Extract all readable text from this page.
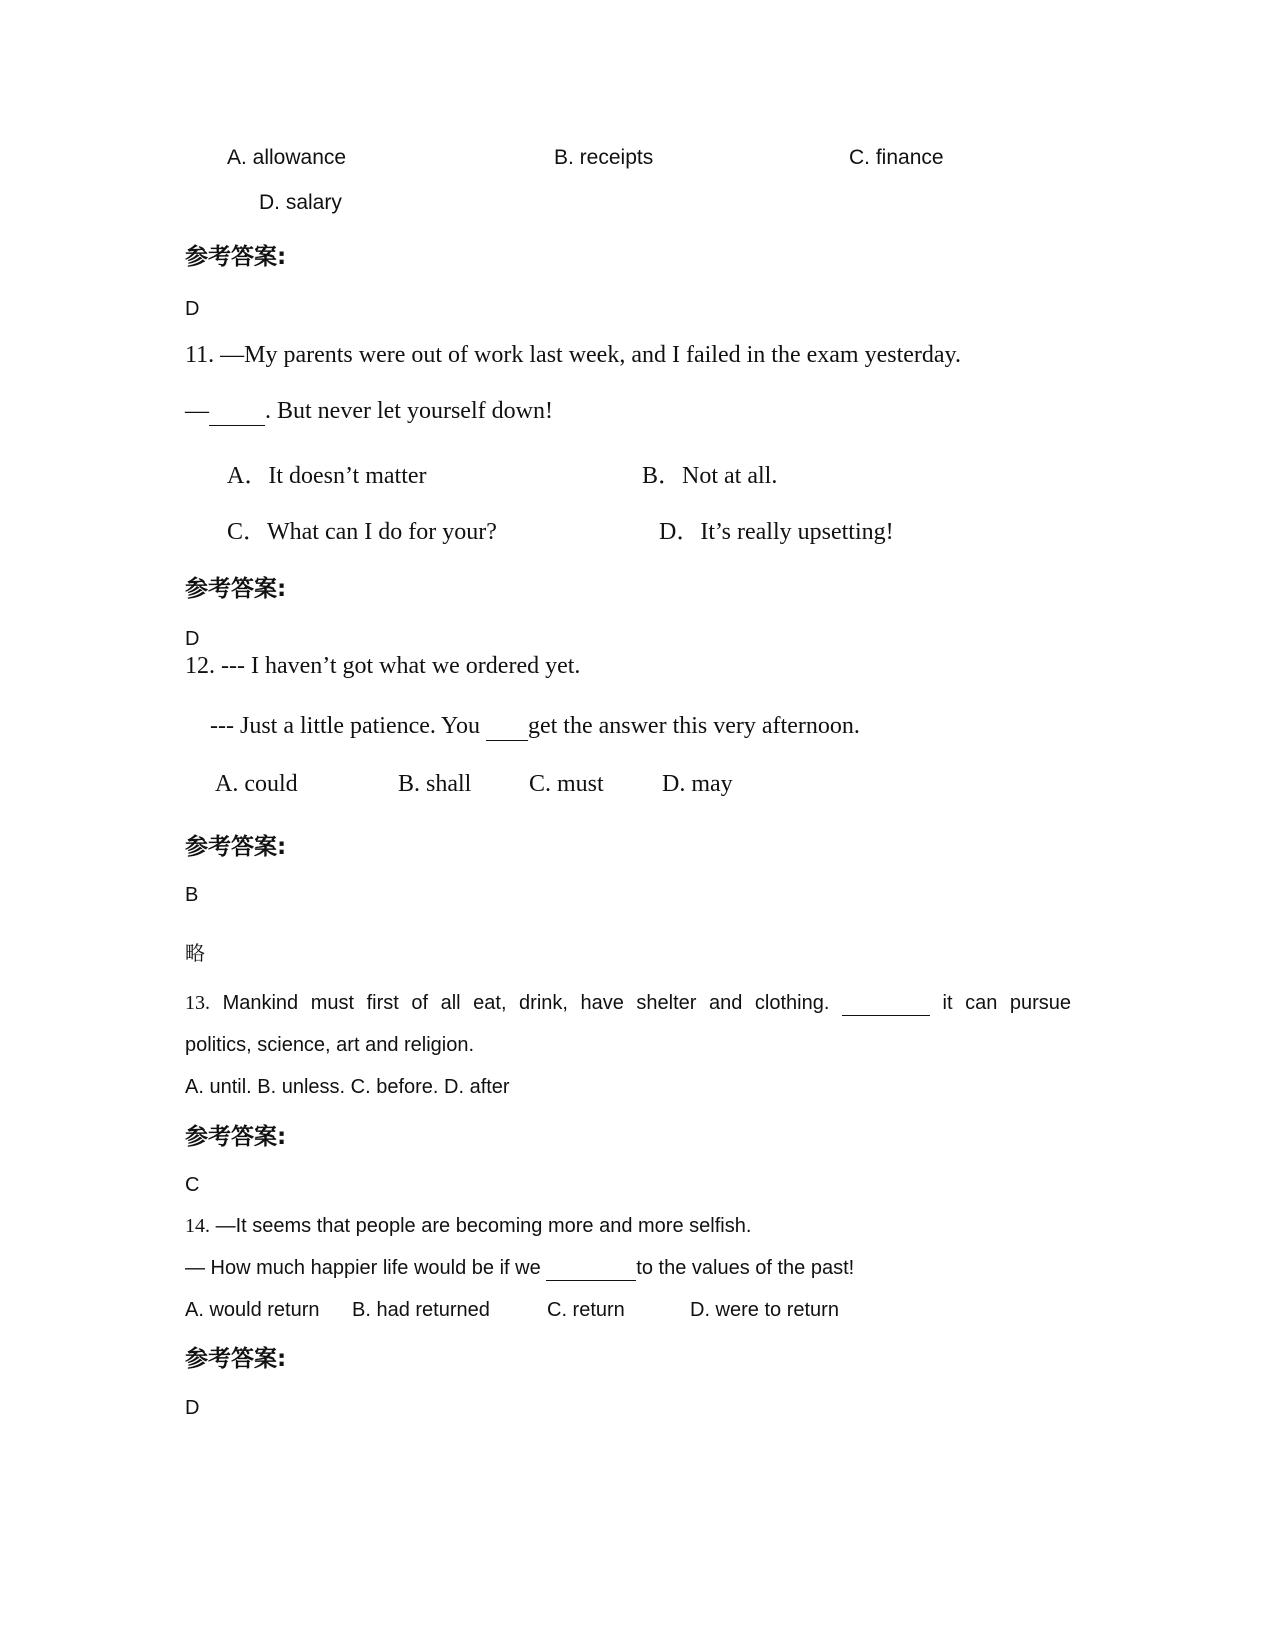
A. allowance	B. receipts	C. finance
D. salary
参考答案:
D
11. —My parents were out of work last week, and I failed in the exam yesterday.
— . But never let yourself down!
A．It doesn’t matter	B．Not at all.
C．What can I do for your?	D．It’s really upsetting!
参考答案:
D
12. --- I haven’t got what we ordered yet.
--- Just a little patience. You  get the answer this very afternoon.
A. could	B. shall C. must D. may
参考答案:
B
略
13. Mankind must first of all eat, drink, have shelter and clothing.	it can pursue
politics, science, art and religion.
A. until. B. unless. C. before. D. after
参考答案:
C
14. —It seems that people are becoming more and more selfish.
— How much happier life would be if we	to the values of the past!
A. would return B. had returned	C. return	D. were to return
参考答案:
D
